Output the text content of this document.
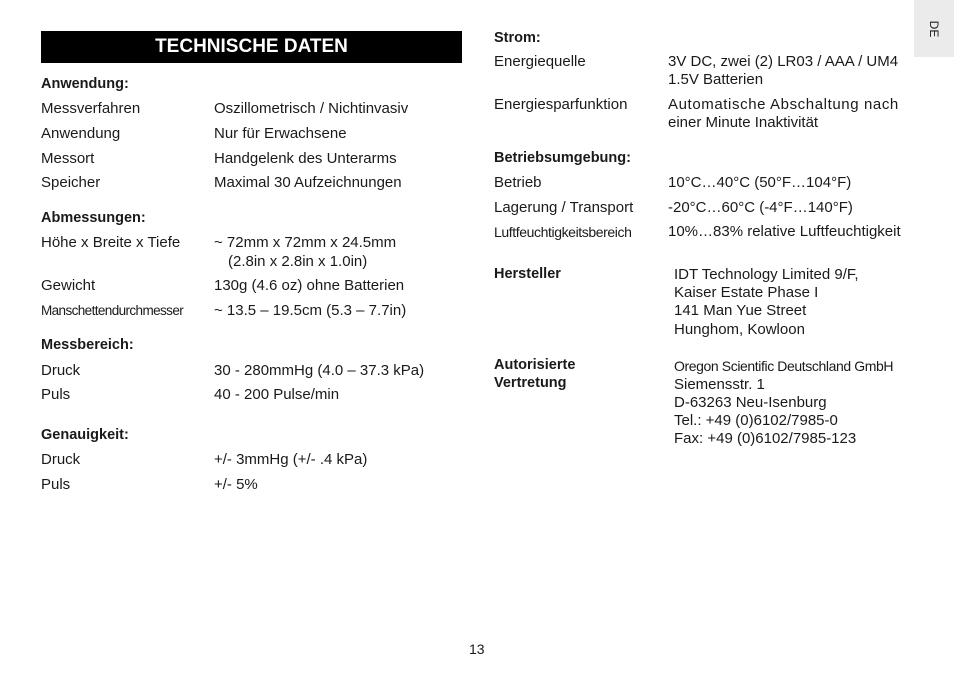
DE
TECHNISCHE DATEN
Anwendung:
Messverfahren	Oszillometrisch / Nichtinvasiv
Anwendung	Nur für Erwachsene
Messort	Handgelenk des Unterarms
Speicher	Maximal 30 Aufzeichnungen
Abmessungen:
Höhe x Breite x Tiefe ~ 72mm x 72mm x 24.5mm
(2.8in x 2.8in x 1.0in)
Gewicht	130g (4.6 oz) ohne Batterien
Manschettendurchmesser ~ 13.5 – 19.5cm (5.3 – 7.7in)
Messbereich:
Druck	30 - 280mmHg (4.0 – 37.3 kPa)
Puls	40 - 200 Pulse/min
Genauigkeit:
Druck	+/- 3mmHg (+/- .4 kPa)
Puls	+/- 5%
Strom:
Energiequelle	3V DC, zwei (2) LR03 / AAA / UM4
1.5V Batterien
Energiesparfunktion	Automatische Abschaltung nach
einer Minute Inaktivität
Betriebsumgebung:
Betrieb	10°C…40°C (50°F…104°F)
Lagerung / Transport -20°C…60°C (-4°F…140°F)
Luftfeuchtigkeitsbereich 10%…83% relative Luftfeuchtigkeit
Hersteller	IDT Technology Limited 9/F,
Kaiser Estate Phase I
141 Man Yue Street
Hunghom, Kowloon
Autorisierte
Vertretung
Oregon Scientific Deutschland GmbH
Siemensstr. 1
D-63263 Neu-Isenburg
Tel.: +49 (0)6102/7985-0
Fax: +49 (0)6102/7985-123
13
